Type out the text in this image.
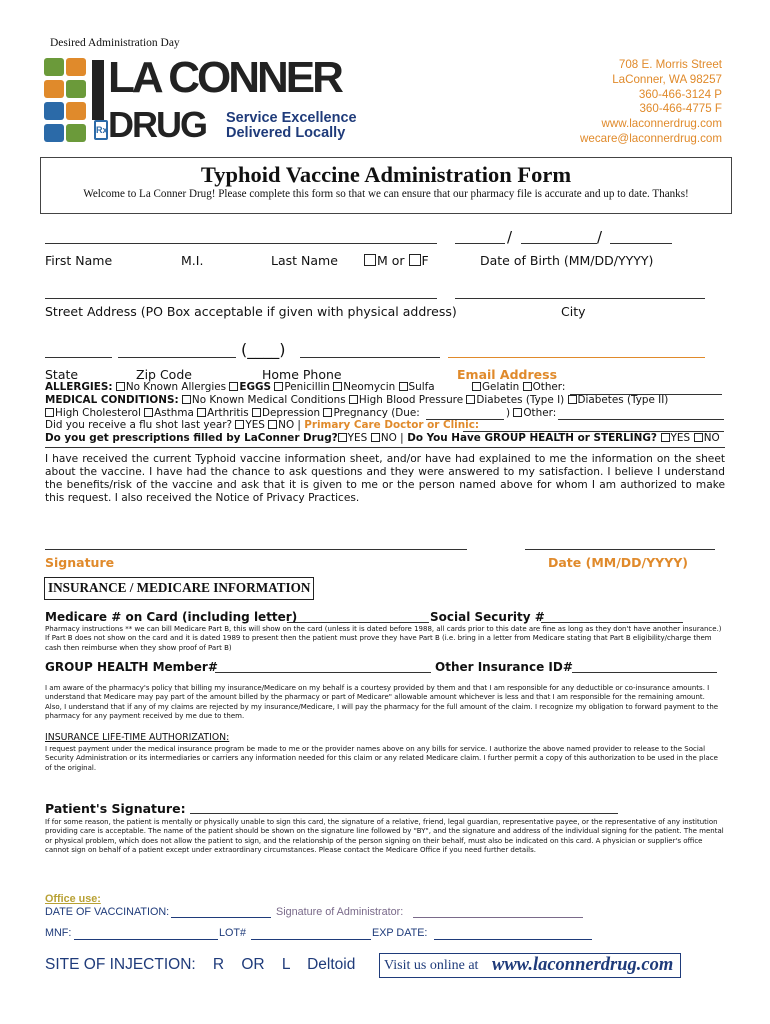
Desired Administration Day
Rx
LA CONNER
DRUG Service Excellence
Delivered Locally
708 E. Morris Street
LaConner, WA 98257
360-466-3124 P
360-466-4775 F
www.laconnerdrug.com
wecare@laconnerdrug.com
Typhoid Vaccine Administration Form
Welcome to La Conner Drug! Please complete this form so that we can ensure that our pharmacy file is accurate and up to date. Thanks!
/	/
First Name	M.I.	Last Name	M or F	Date of Birth (MM/DD/YYYY)
Street Address (PO Box acceptable if given with physical address)	City
(____)
State	Zip Code	Home Phone	Email Address
ALLERGIES: No Known Allergies EGGS Penicillin Neomycin Sulfa	Gelatin Other:
MEDICAL CONDITIONS: No Known Medical Conditions High Blood Pressure Diabetes (Type I) Diabetes (Type II)
High Cholesterol Asthma Arthritis Depression Pregnancy (Due:	) Other:
Did you receive a flu shot last year? YES NO | Primary Care Doctor or Clinic:
Do you get prescriptions filled by LaConner Drug? YES NO | Do You Have GROUP HEALTH or STERLING? YES NO
I have received the current Typhoid vaccine information sheet, and/or have had explained to me the information on the sheet about the vaccine. I have had the chance to ask questions and they were answered to my satisfaction. I believe I understand the benefits/risk of the vaccine and ask that it is given to me or the person named above for whom I am authorized to make this request. I also received the Notice of Privacy Practices.
Signature	Date (MM/DD/YYYY)
INSURANCE / MEDICARE INFORMATION
Medicare # on Card (including letter)	Social Security #
Pharmacy instructions ** we can bill Medicare Part B, this will show on the card (unless it is dated before 1988, all cards prior to this date are fine as long as they don't have another insurance.) If Part B does not show on the card and it is dated 1989 to present then the patient must prove they have Part B (i.e. bring in a letter from Medicare stating that Part B eligibility/charge them cash then reimburse when they show proof of Part B)
GROUP HEALTH Member#	Other Insurance ID#
I am aware of the pharmacy's policy that billing my insurance/Medicare on my behalf is a courtesy provided by them and that I am responsible for any deductible or co-insurance amounts. I understand that Medicare may pay part of the amount billed by the pharmacy or part of Medicare" allowable amount whichever is less and that I am responsible for the remaining amount. Also, I understand that if any of my claims are rejected by my insurance/Medicare, I will pay the pharmacy for the full amount of the claim. I recognize my obligation to forward payment to the pharmacy for any payment received by me due to them.
INSURANCE LIFE-TIME AUTHORIZATION:
I request payment under the medical insurance program be made to me or the provider names above on any bills for service. I authorize the above named provider to release to the Social Security Administration or its intermediaries or carriers any information needed for this claim or any related Medicare claim. I further permit a copy of this authorization to be used in the place of the original.
Patient's Signature:
If for some reason, the patient is mentally or physically unable to sign this card, the signature of a relative, friend, legal guardian, representative payee, or the representative of any institution providing care is acceptable. The name of the patient should be shown on the signature line followed by "BY", and the signature and address of the individual signing for the patient. The mental or physical problem, which does not allow the patient to sign, and the relationship of the person signing on their behalf, must also be indicated on this card. A physician or supplier's office cannot sign on behalf of a patient except under extraordinary circumstances. Please contact the Medicare Office if you need further details.
Office use:
DATE OF VACCINATION:	Signature of Administrator:
MNF:	LOT#	EXP DATE:
SITE OF INJECTION:    R    OR    L    Deltoid Visit us online at www.laconnerdrug.com
